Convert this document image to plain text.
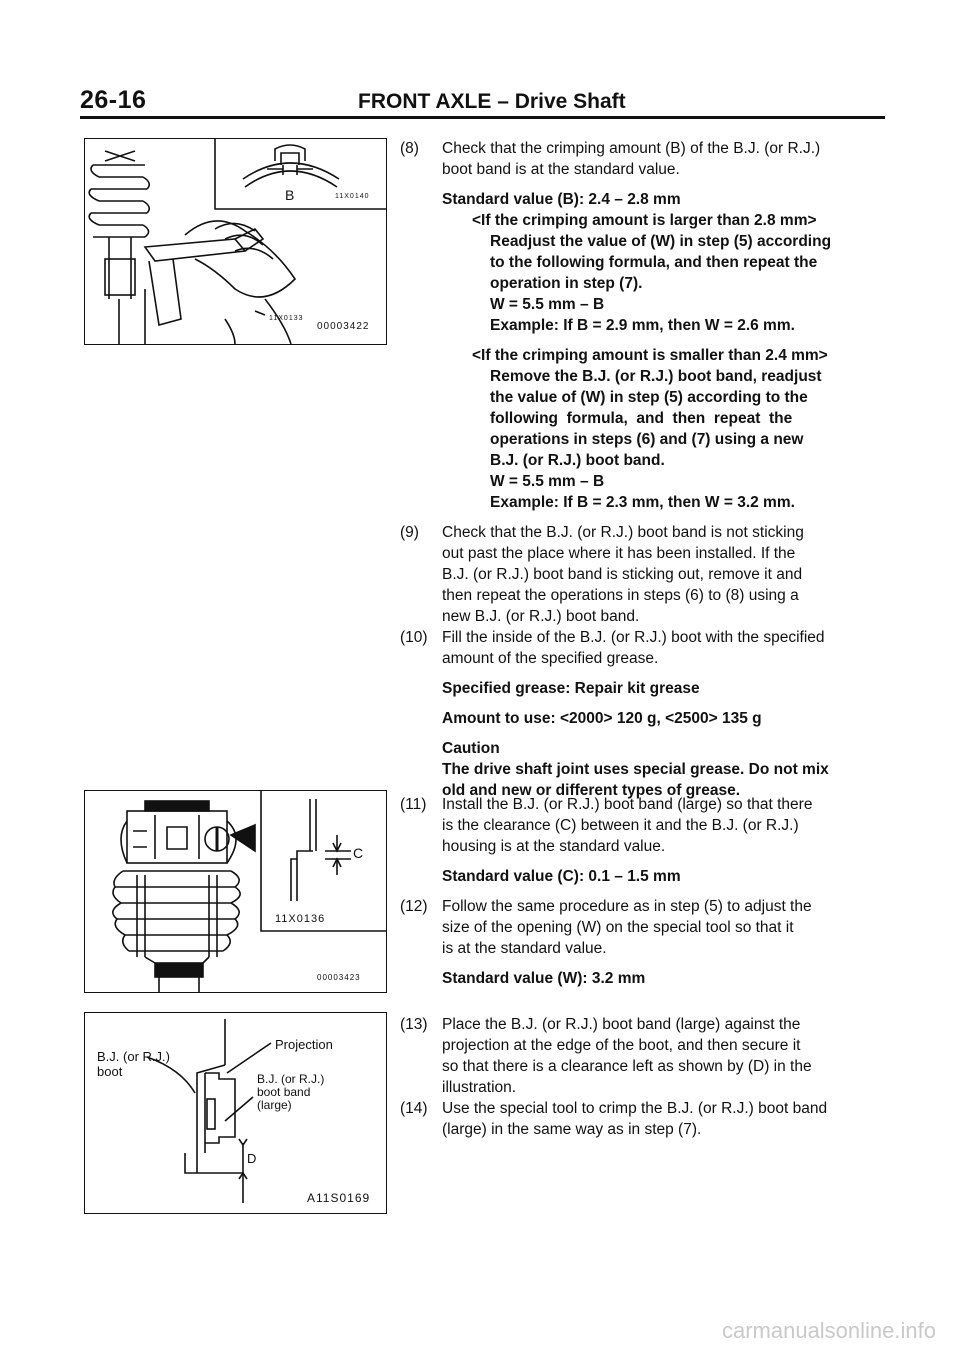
26-16	FRONT AXLE – Drive Shaft
B	11X0140
11X0133
00003422
C
11X0136
00003423
B.J. (or R.J.)
boot
Projection
B.J. (or R.J.)
boot band
(large)
D
A11S0169
(8) Check that the crimping amount (B) of the B.J. (or R.J.)

boot band is at the standard value.

Standard value (B): 2.4 – 2.8 mm

<If the crimping amount is larger than 2.8 mm>

Readjust the value of (W) in step (5) according

to the following formula, and then repeat the

operation in step (7).

W = 5.5 mm – B

Example: If B = 2.9 mm, then W = 2.6 mm.

<If the crimping amount is smaller than 2.4 mm>

Remove the B.J. (or R.J.) boot band, readjust

the value of (W) in step (5) according to the

following  formula,  and  then  repeat  the

operations in steps (6) and (7) using a new

B.J. (or R.J.) boot band.

W = 5.5 mm – B

Example: If B = 2.3 mm, then W = 3.2 mm.

(9) Check that the B.J. (or R.J.) boot band is not sticking

out past the place where it has been installed. If the

B.J. (or R.J.) boot band is sticking out, remove it and

then repeat the operations in steps (6) to (8) using a

new B.J. (or R.J.) boot band.

(10) Fill the inside of the B.J. (or R.J.) boot with the specified

amount of the specified grease.

Specified grease: Repair kit grease

Amount to use: <2000> 120 g, <2500> 135 g

Caution

The drive shaft joint uses special grease. Do not mix

old and new or different types of grease.

(11) Install the B.J. (or R.J.) boot band (large) so that there

is the clearance (C) between it and the B.J. (or R.J.)

housing is at the standard value.

Standard value (C): 0.1 – 1.5 mm

(12) Follow the same procedure as in step (5) to adjust the

size of the opening (W) on the special tool so that it

is at the standard value.

Standard value (W): 3.2 mm

(13) Place the B.J. (or R.J.) boot band (large) against the

projection at the edge of the boot, and then secure it

so that there is a clearance left as shown by (D) in the

illustration.

(14) Use the special tool to crimp the B.J. (or R.J.) boot band

(large) in the same way as in step (7).

carmanualsonline.info
